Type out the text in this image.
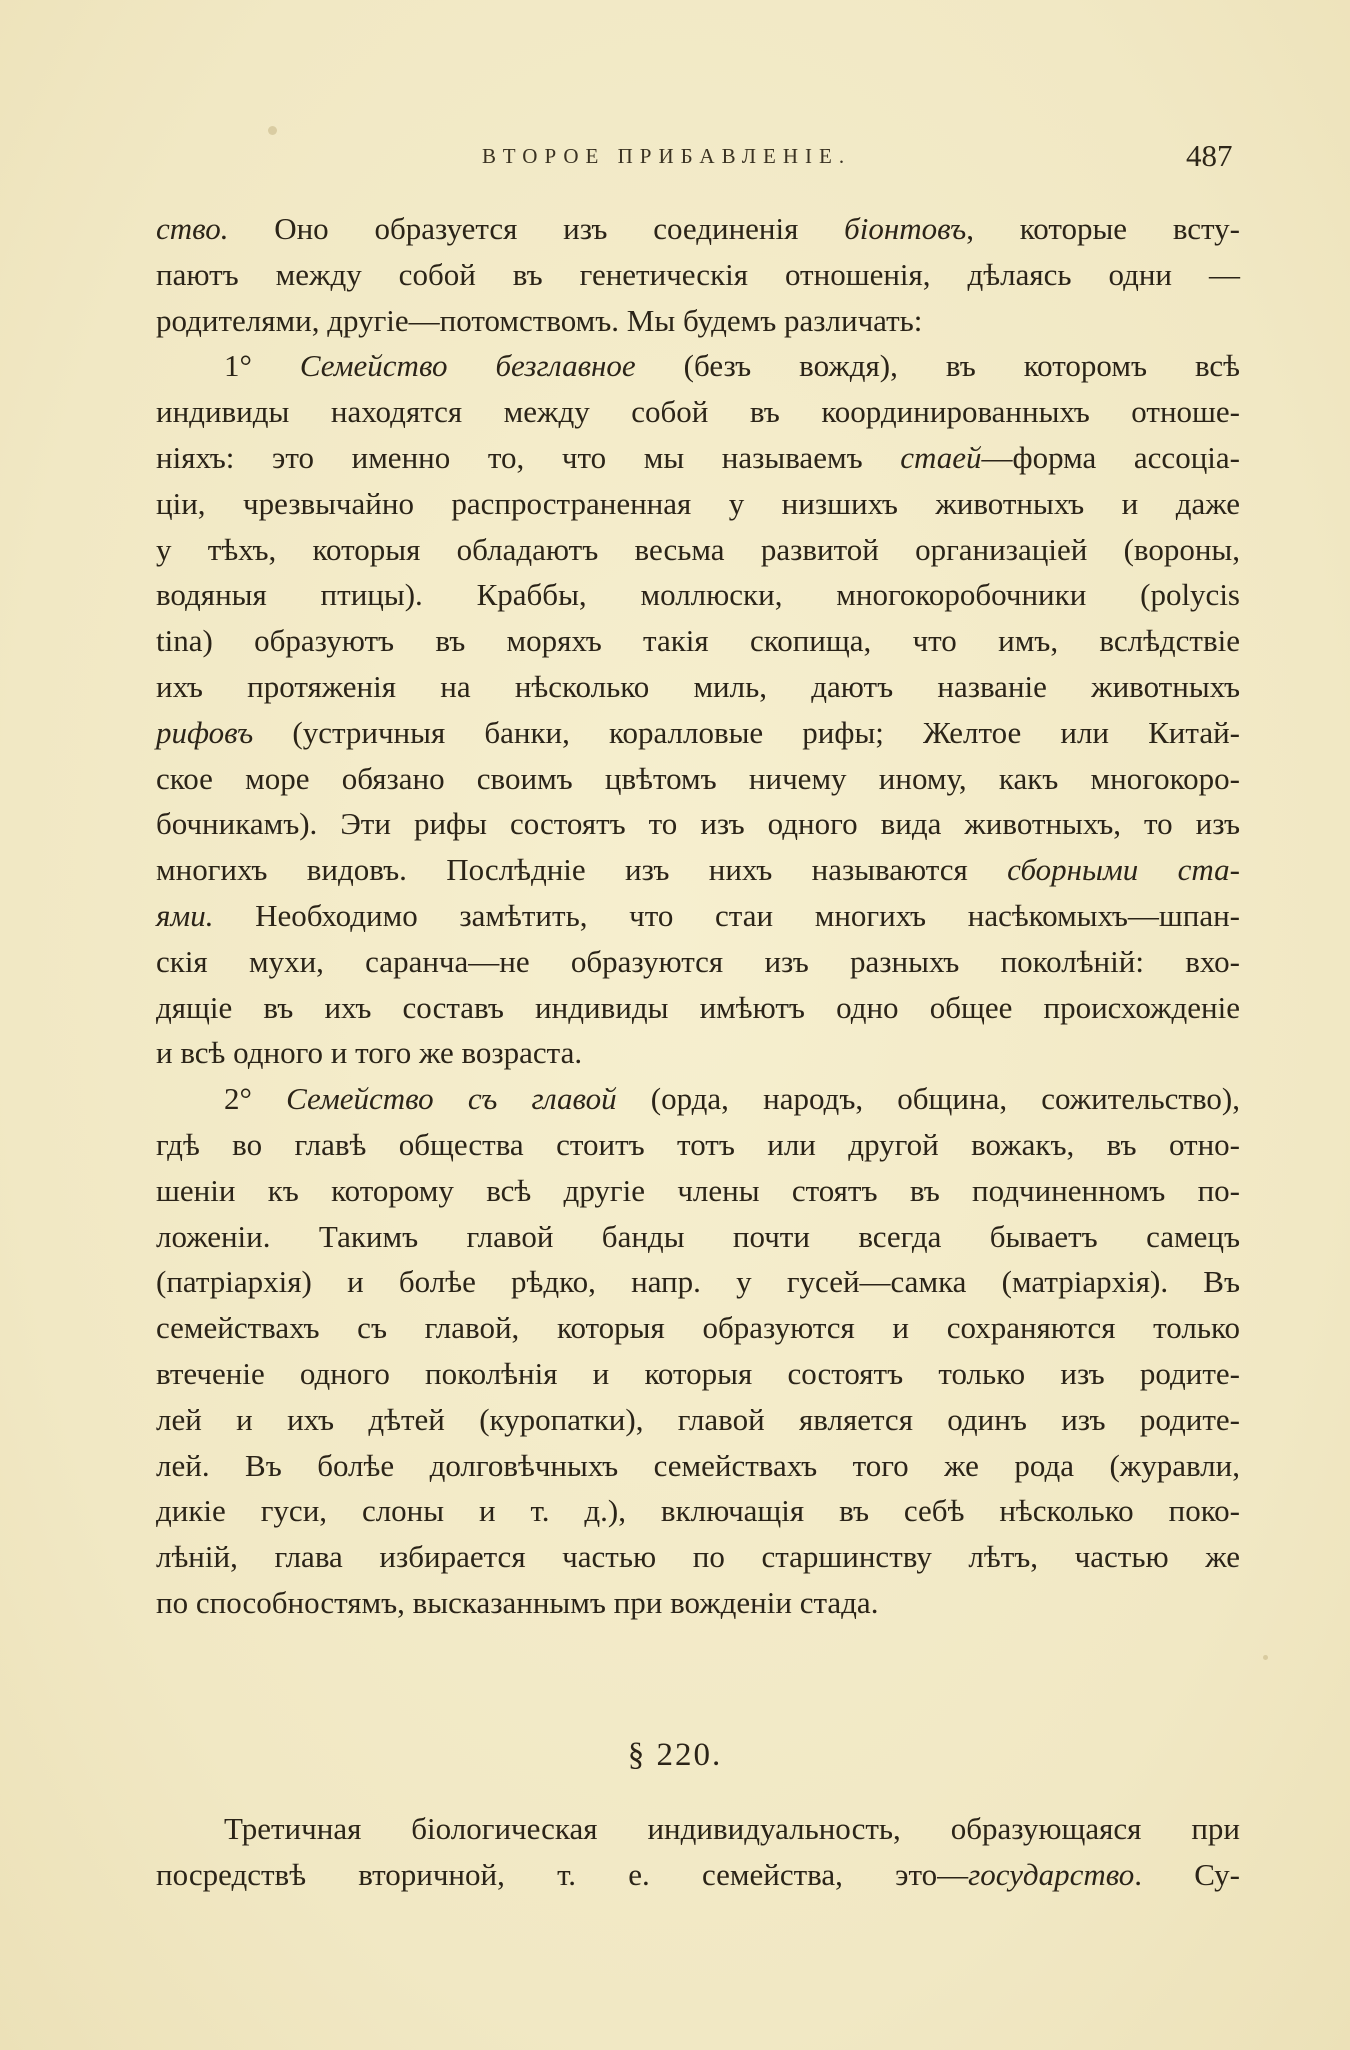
ВТОРОЕ ПРИБАВЛЕНIЕ.	487
ство. Оно образуется изъ соединенія біонтовъ, которые всту-
паютъ между собой въ генетическія отношенія, дѣлаясь одни —
родителями, другіе—потомствомъ. Мы будемъ различать:
1° Семейство безглавное (безъ вождя), въ которомъ всѣ
индивиды находятся между собой въ координированныхъ отноше-
ніяхъ: это именно то, что мы называемъ стаей—форма ассоціа-
ціи, чрезвычайно распространенная у низшихъ животныхъ и даже
у тѣхъ, которыя обладаютъ весьма развитой организаціей (вороны,
водяныя птицы). Краббы, моллюски, многокоробочники (polycis
tina) образуютъ въ моряхъ такія скопища, что имъ, вслѣдствіе
ихъ протяженія на нѣсколько миль, даютъ названіе животныхъ
рифовъ (устричныя банки, коралловые рифы; Желтое или Китай-
ское море обязано своимъ цвѣтомъ ничему иному, какъ многокоро-
бочникамъ). Эти рифы состоятъ то изъ одного вида животныхъ, то изъ
многихъ видовъ. Послѣдніе изъ нихъ называются сборными ста-
ями. Необходимо замѣтить, что стаи многихъ насѣкомыхъ—шпан-
скія мухи, саранча—не образуются изъ разныхъ поколѣній: вхо-
дящіе въ ихъ составъ индивиды имѣютъ одно общее происхожденіе
и всѣ одного и того же возраста.
2° Семейство съ главой (орда, народъ, община, сожительство),
гдѣ во главѣ общества стоитъ тотъ или другой вожакъ, въ отно-
шеніи къ которому всѣ другіе члены стоятъ въ подчиненномъ по-
ложеніи. Такимъ главой банды почти всегда бываетъ самецъ
(патріархія) и болѣе рѣдко, напр. у гусей—самка (матріархія). Въ
семействахъ съ главой, которыя образуются и сохраняются только
втеченіе одного поколѣнія и которыя состоятъ только изъ родите-
лей и ихъ дѣтей (куропатки), главой является одинъ изъ родите-
лей. Въ болѣе долговѣчныхъ семействахъ того же рода (журавли,
дикіе гуси, слоны и т. д.), включащія въ себѣ нѣсколько поко-
лѣній, глава избирается частью по старшинству лѣтъ, частью же
по способностямъ, высказаннымъ при вожденіи стада.
§ 220.
Третичная біологическая индивидуальность, образующаяся при
посредствѣ вторичной, т. е. семейства, это—государство. Су-
